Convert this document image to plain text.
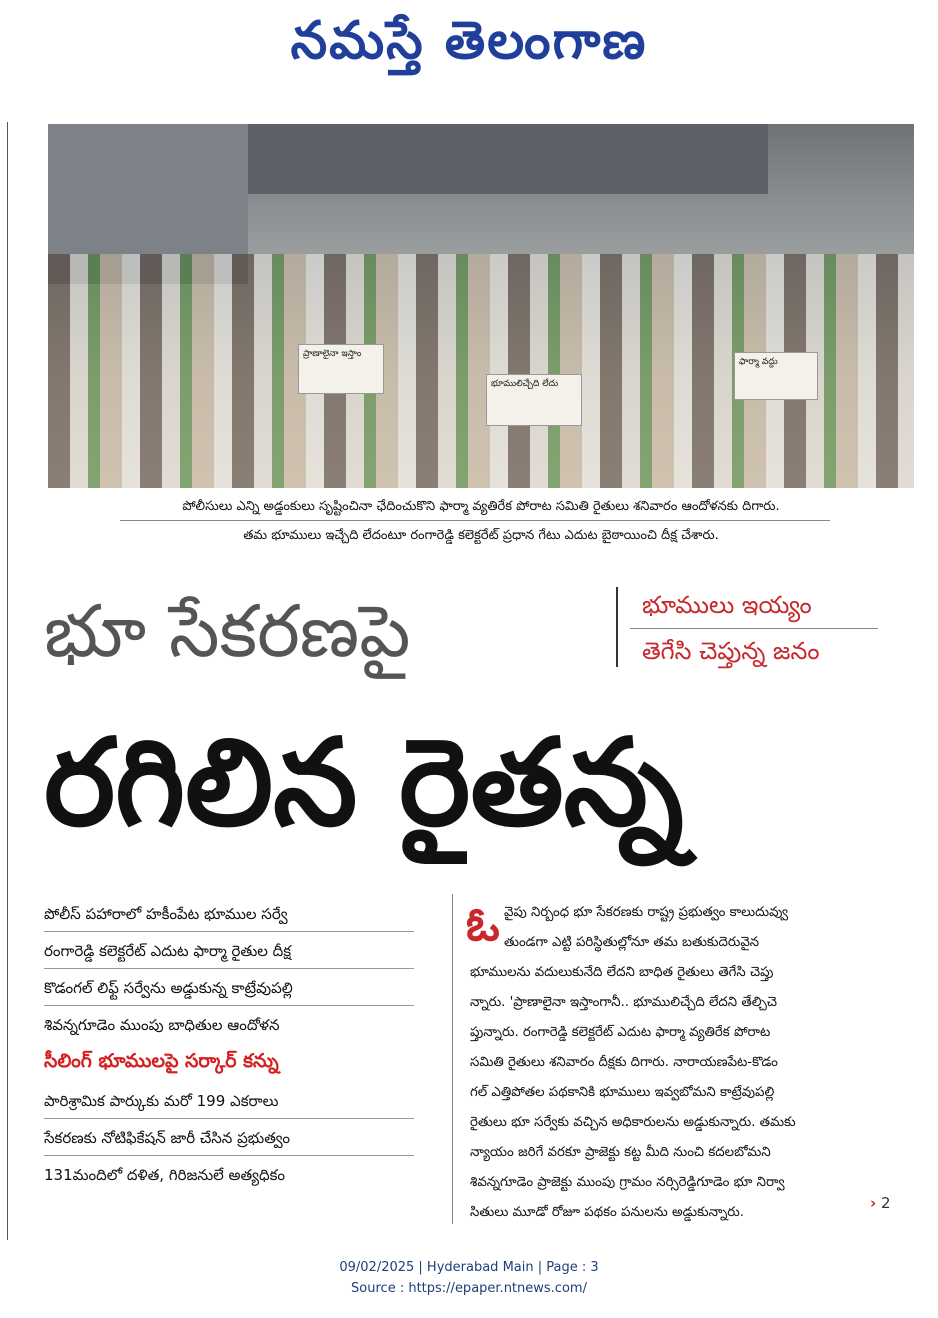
నమస్తే తెలంగాణ
ప్రాణాలైనా ఇస్తాం
భూములిచ్చేది లేదు
ఫార్మా వద్దు
పోలీసులు ఎన్ని అడ్డంకులు సృష్టించినా ఛేదించుకొని ఫార్మా వ్యతిరేక పోరాట సమితి రైతులు శనివారం ఆందోళనకు దిగారు.
తమ భూములు ఇచ్చేది లేదంటూ రంగారెడ్డి కలెక్టరేట్ ప్రధాన గేటు ఎదుట బైఠాయించి దీక్ష చేశారు.
భూ సేకరణపై	భూములు ఇయ్యం
తెగేసి చెప్తున్న జనం
రగిలిన రైతన్న
పోలీస్ పహారాలో హకీంపేట భూముల సర్వే
రంగారెడ్డి కలెక్టరేట్ ఎదుట ఫార్మా రైతుల దీక్ష
కొడంగల్ లిఫ్ట్ సర్వేను అడ్డుకున్న కాట్రేవుపల్లి
శివన్నగూడెం ముంపు బాధితుల ఆందోళన
సీలింగ్ భూములపై సర్కార్ కన్ను
పారిశ్రామిక పార్కుకు మరో 199 ఎకరాలు
సేకరణకు నోటిఫికేషన్ జారీ చేసిన ప్రభుత్వం
131మందిలో దళిత, గిరిజనులే అత్యధికం
ఓ వైపు నిర్బంధ భూ సేకరణకు రాష్ట్ర ప్రభుత్వం కాలుదువ్వు
తుండగా ఎట్టి పరిస్థితుల్లోనూ తమ బతుకుదెరువైన
భూములను వదులుకునేది లేదని బాధిత రైతులు తెగేసి చెప్తు
న్నారు. 'ప్రాణాలైనా ఇస్తాంగానీ.. భూములిచ్చేది లేదని తేల్చిచె
ప్తున్నారు. రంగారెడ్డి కలెక్టరేట్ ఎదుట ఫార్మా వ్యతిరేక పోరాట
సమితి రైతులు శనివారం దీక్షకు దిగారు. నారాయణపేట-కొడం
గల్ ఎత్తిపోతల పథకానికి భూములు ఇవ్వబోమని కాట్రేవుపల్లి
రైతులు భూ సర్వేకు వచ్చిన అధికారులను అడ్డుకున్నారు. తమకు
న్యాయం జరిగే వరకూ ప్రాజెక్టు కట్ట మీది నుంచి కదలబోమని
శివన్నగూడెం ప్రాజెక్టు ముంపు గ్రామం నర్సిరెడ్డిగూడెం భూ నిర్వా
సితులు మూడో రోజూ పథకం పనులను అడ్డుకున్నారు.
› 2
09/02/2025 | Hyderabad Main | Page : 3
Source : https://epaper.ntnews.com/
